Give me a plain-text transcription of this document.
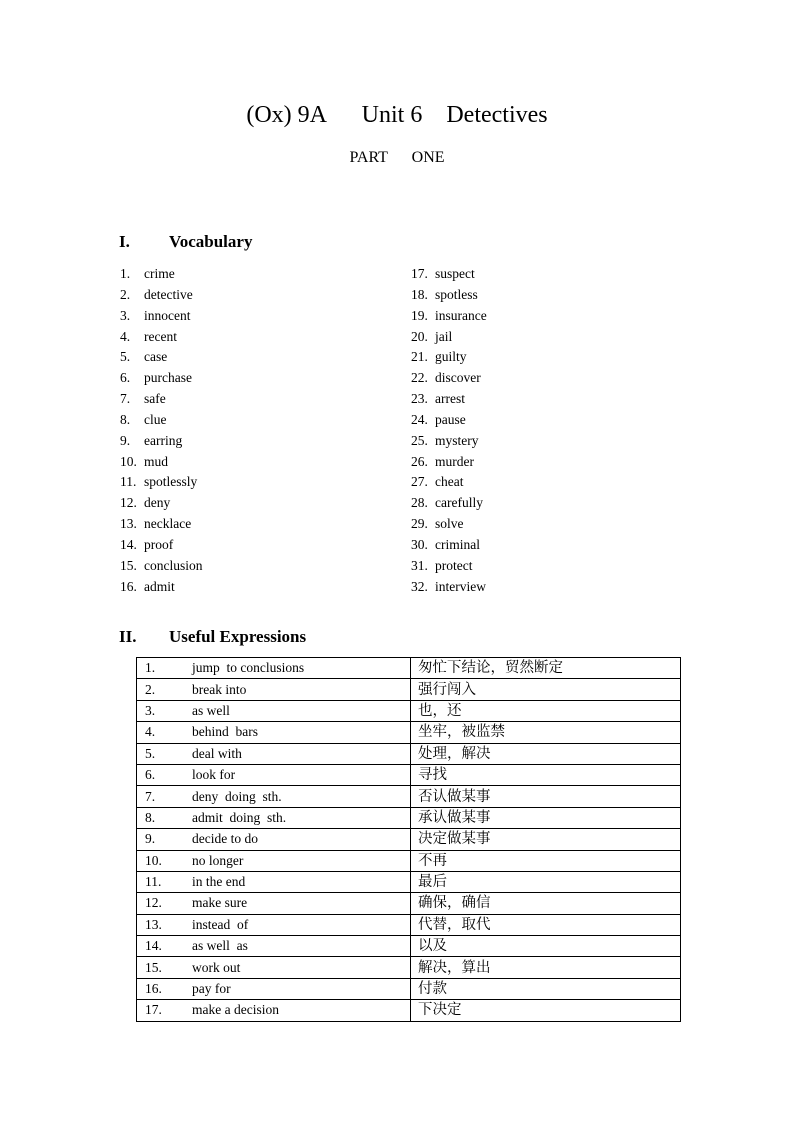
(Ox) 9A      Unit 6    Detectives
PART      ONE
I. Vocabulary
1. crime
2. detective
3. innocent
4. recent
5. case
6. purchase
7. safe
8. clue
9. earring
10. mud
11. spotlessly
12. deny
13. necklace
14. proof
15. conclusion
16. admit
17. suspect
18. spotless
19. insurance
20. jail
21. guilty
22. discover
23. arrest
24. pause
25. mystery
26. murder
27. cheat
28. carefully
29. solve
30. criminal
31. protect
32. interview
II. Useful Expressions
1. jump  to conclusions	匆忙下结论，贸然断定
2. break into	强行闯入
3. as well	也，还
4. behind  bars	坐牢，被监禁
5. deal with	处理，解决
6. look for	寻找
7. deny  doing  sth.	否认做某事
8. admit  doing  sth.	承认做某事
9. decide to do	决定做某事
10. no longer	不再
11. in the end	最后
12. make sure	确保，确信
13. instead  of	代替，取代
14. as well  as	以及
15. work out	解决，算出
16. pay for	付款
17. make a decision	下决定
